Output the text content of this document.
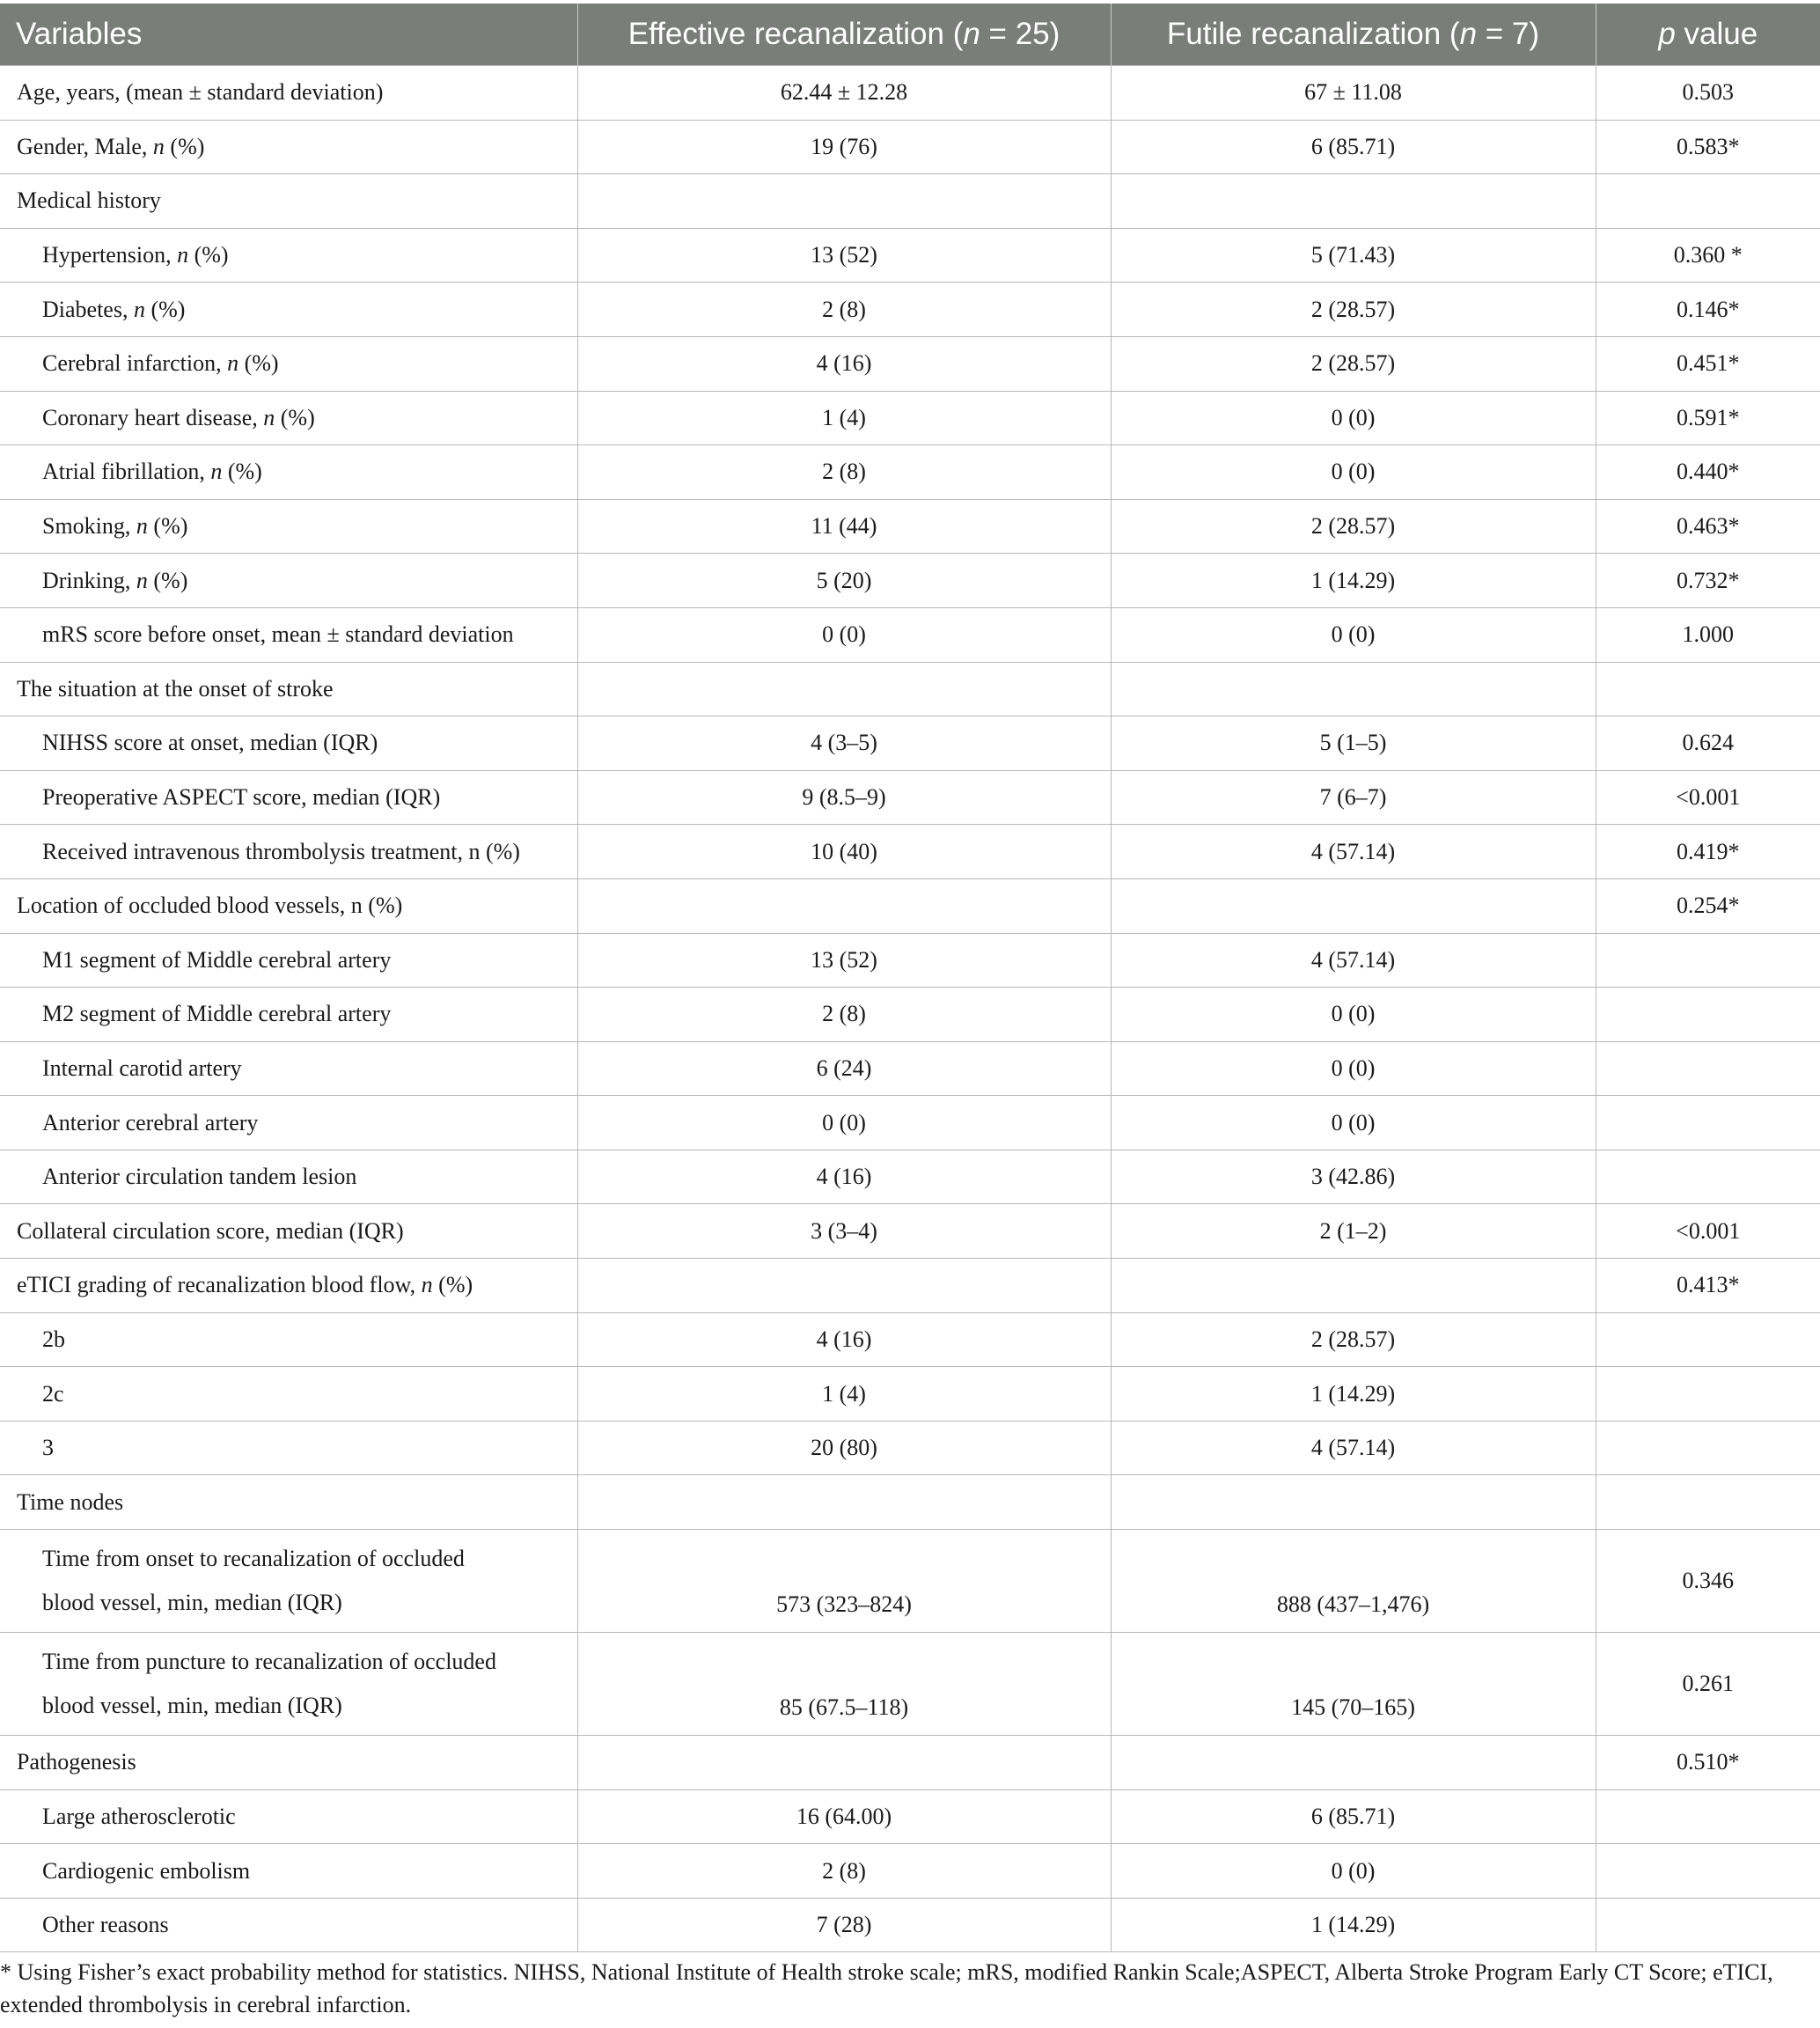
Variables	Effective recanalization (n = 25)	Futile recanalization (n = 7)	p value
Age, years, (mean ± standard deviation)	62.44 ± 12.28	67 ± 11.08	0.503
Gender, Male, n (%)	19 (76)	6 (85.71)	0.583*
Medical history			
Hypertension, n (%)	13 (52)	5 (71.43)	0.360 *
Diabetes, n (%)	2 (8)	2 (28.57)	0.146*
Cerebral infarction, n (%)	4 (16)	2 (28.57)	0.451*
Coronary heart disease, n (%)	1 (4)	0 (0)	0.591*
Atrial fibrillation, n (%)	2 (8)	0 (0)	0.440*
Smoking, n (%)	11 (44)	2 (28.57)	0.463*
Drinking, n (%)	5 (20)	1 (14.29)	0.732*
mRS score before onset, mean ± standard deviation	0 (0)	0 (0)	1.000
The situation at the onset of stroke			
NIHSS score at onset, median (IQR)	4 (3–5)	5 (1–5)	0.624
Preoperative ASPECT score, median (IQR)	9 (8.5–9)	7 (6–7)	<0.001
Received intravenous thrombolysis treatment, n (%)	10 (40)	4 (57.14)	0.419*
Location of occluded blood vessels, n (%)			0.254*
M1 segment of Middle cerebral artery	13 (52)	4 (57.14)	
M2 segment of Middle cerebral artery	2 (8)	0 (0)	
Internal carotid artery	6 (24)	0 (0)	
Anterior cerebral artery	0 (0)	0 (0)	
Anterior circulation tandem lesion	4 (16)	3 (42.86)	
Collateral circulation score, median (IQR)	3 (3–4)	2 (1–2)	<0.001
eTICI grading of recanalization blood flow, n (%)			0.413*
2b	4 (16)	2 (28.57)	
2c	1 (4)	1 (14.29)	
3	20 (80)	4 (57.14)	
Time nodes			
Time from onset to recanalization of occluded
blood vessel, min, median (IQR)	573 (323–824)	888 (437–1,476)	0.346
Time from puncture to recanalization of occluded
blood vessel, min, median (IQR)	85 (67.5–118)	145 (70–165)	0.261
Pathogenesis			0.510*
Large atherosclerotic	16 (64.00)	6 (85.71)	
Cardiogenic embolism	2 (8)	0 (0)	
Other reasons	7 (28)	1 (14.29)	
* Using Fisher’s exact probability method for statistics. NIHSS, National Institute of Health stroke scale; mRS, modified Rankin Scale;ASPECT, Alberta Stroke Program Early CT Score; eTICI, extended thrombolysis in cerebral infarction.
